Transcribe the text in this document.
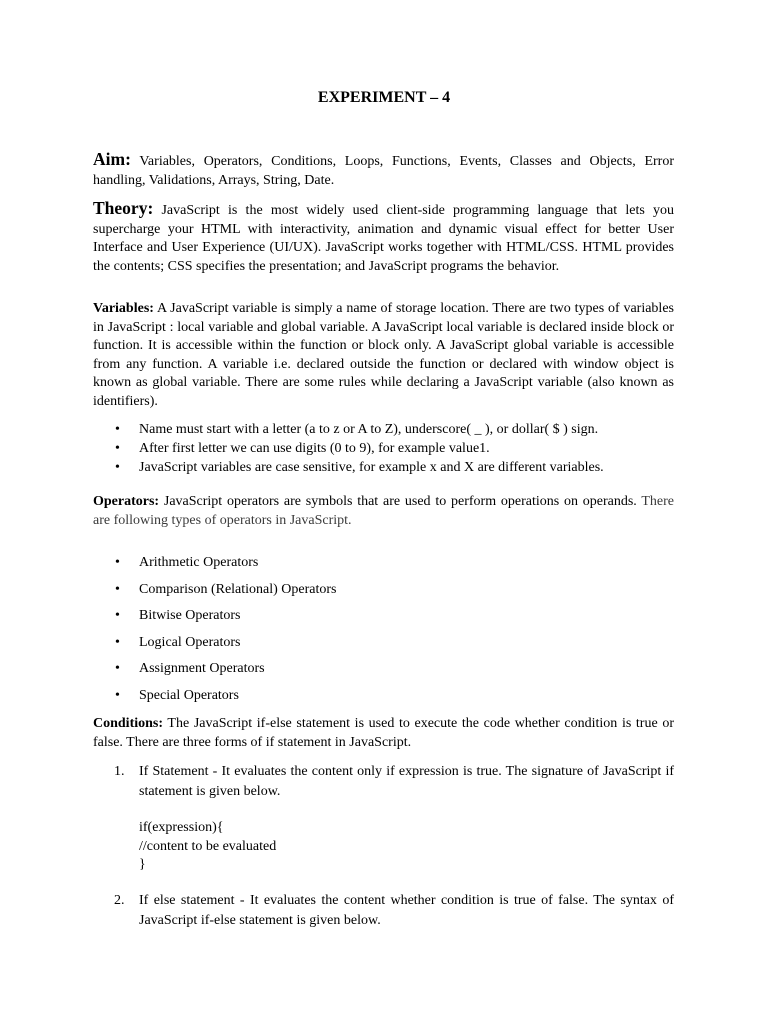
EXPERIMENT – 4
Aim: Variables, Operators, Conditions, Loops, Functions, Events, Classes and Objects, Error handling, Validations, Arrays, String, Date.
Theory: JavaScript is the most widely used client-side programming language that lets you supercharge your HTML with interactivity, animation and dynamic visual effect for better User Interface and User Experience (UI/UX). JavaScript works together with HTML/CSS. HTML provides the contents; CSS specifies the presentation; and JavaScript programs the behavior.
Variables: A JavaScript variable is simply a name of storage location. There are two types of variables in JavaScript : local variable and global variable. A JavaScript local variable is declared inside block or function. It is accessible within the function or block only. A JavaScript global variable is accessible from any function. A variable i.e. declared outside the function or declared with window object is known as global variable. There are some rules while declaring a JavaScript variable (also known as identifiers).
• Name must start with a letter (a to z or A to Z), underscore( _ ), or dollar( $ ) sign.
• After first letter we can use digits (0 to 9), for example value1.
• JavaScript variables are case sensitive, for example x and X are different variables.
Operators: JavaScript operators are symbols that are used to perform operations on operands. There are following types of operators in JavaScript.
• Arithmetic Operators
• Comparison (Relational) Operators
• Bitwise Operators
• Logical Operators
• Assignment Operators
• Special Operators
Conditions: The JavaScript if-else statement is used to execute the code whether condition is true or false. There are three forms of if statement in JavaScript.
1. If Statement - It evaluates the content only if expression is true. The signature of JavaScript if statement is given below.
if(expression){
//content to be evaluated
}
2. If else statement - It evaluates the content whether condition is true of false. The syntax of JavaScript if-else statement is given below.
